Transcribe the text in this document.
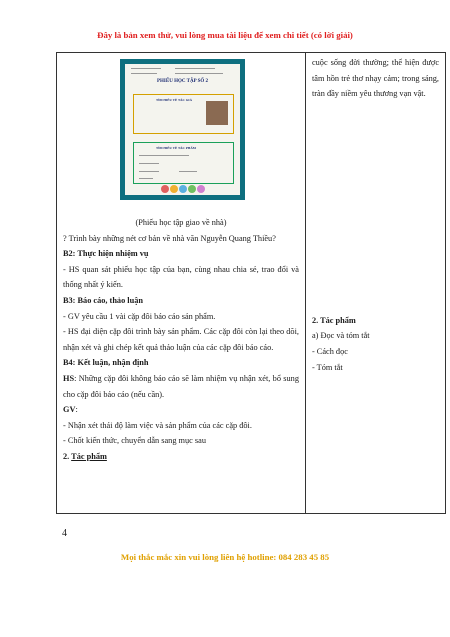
Đây là bản xem thử, vui lòng mua tài liệu để xem chi tiết (có lời giải)
PHIẾU HỌC TẬP SỐ 2
TÌM HIỂU VỀ TÁC GIẢ
TÌM HIỂU VỀ TÁC PHẨM
(Phiếu học tập giao về nhà)
? Trình bày những nét cơ bản về nhà văn Nguyễn Quang Thiều?
B2: Thực hiện nhiệm vụ
- HS quan sát phiếu học tập của bạn, cùng nhau chia sẻ, trao đổi và thống nhất ý kiến.
B3: Báo cáo, thảo luận
- GV yêu cầu 1 vài cặp đôi báo cáo sản phẩm.
- HS đại diện cặp đôi trình bày sản phẩm. Các cặp đôi còn lại theo dõi, nhận xét và ghi chép kết quả thảo luận của các cặp đôi báo cáo.
B4: Kết luận, nhận định
HS: Những cặp đôi không báo cáo sẽ làm nhiệm vụ nhận xét, bổ sung cho cặp đôi báo cáo (nếu cần).
GV:
- Nhận xét thái độ làm việc và sản phẩm của các cặp đôi.
- Chốt kiến thức, chuyển dẫn sang mục sau
2. Tác phẩm

cuộc sống đời thường; thể hiện được tâm hồn trẻ thơ nhạy cảm; trong sáng, tràn đầy niềm yêu thương vạn vật.
2. Tác phẩm
a) Đọc và tóm tắt
- Cách đọc
- Tóm tắt
4
Mọi thắc mắc xin vui lòng liên hệ hotline: 084 283 45 85
